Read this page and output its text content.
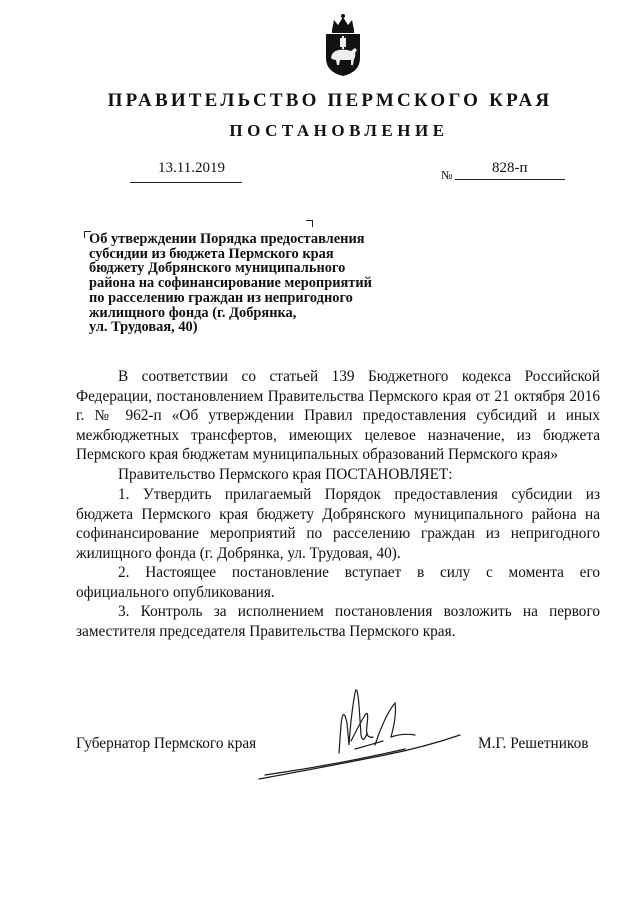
ПРАВИТЕЛЬСТВО ПЕРМСКОГО КРАЯ
ПОСТАНОВЛЕНИЕ
13.11.2019	№	828-п
Об утверждении Порядка предоставления
субсидии из бюджета Пермского края
бюджету Добрянского муниципального
района на софинансирование мероприятий
по расселению граждан из непригодного
жилищного фонда (г. Добрянка,
ул. Трудовая, 40)
В соответствии со статьей 139 Бюджетного кодекса Российской Федерации, постановлением Правительства Пермского края от 21 октября 2016 г. № 962-п «Об утверждении Правил предоставления субсидий и иных межбюджетных трансфертов, имеющих целевое назначение, из бюджета Пермского края бюджетам муниципальных образований Пермского края»
Правительство Пермского края ПОСТАНОВЛЯЕТ:
1. Утвердить прилагаемый Порядок предоставления субсидии из бюджета Пермского края бюджету Добрянского муниципального района на софинансирование мероприятий по расселению граждан из непригодного жилищного фонда (г. Добрянка, ул. Трудовая, 40).
2. Настоящее постановление вступает в силу с момента его официального опубликования.
3. Контроль за исполнением постановления возложить на первого заместителя председателя Правительства Пермского края.
Губернатор Пермского края	М.Г. Решетников
